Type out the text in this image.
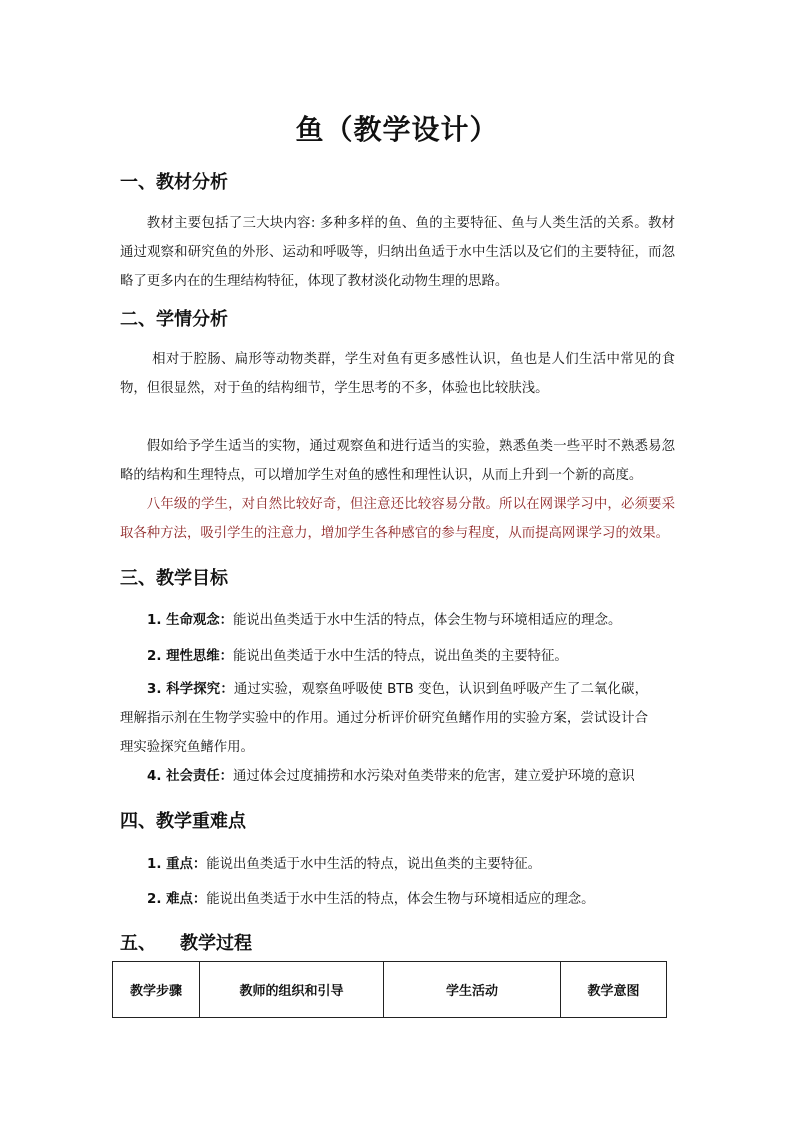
鱼（教学设计）
一、教材分析
教材主要包括了三大块内容: 多种多样的鱼、鱼的主要特征、鱼与人类生活的关系。教材通过观察和研究鱼的外形、运动和呼吸等，归纳出鱼适于水中生活以及它们的主要特征，而忽略了更多内在的生理结构特征，体现了教材淡化动物生理的思路。
二、学情分析
相对于腔肠、扁形等动物类群，学生对鱼有更多感性认识，鱼也是人们生活中常见的食物，但很显然，对于鱼的结构细节，学生思考的不多，体验也比较肤浅。
假如给予学生适当的实物，通过观察鱼和进行适当的实验，熟悉鱼类一些平时不熟悉易忽略的结构和生理特点，可以增加学生对鱼的感性和理性认识，从而上升到一个新的高度。
八年级的学生，对自然比较好奇，但注意还比较容易分散。所以在网课学习中，必须要采取各种方法，吸引学生的注意力，增加学生各种感官的参与程度，从而提高网课学习的效果。
三、教学目标
1. 生命观念：能说出鱼类适于水中生活的特点，体会生物与环境相适应的理念。
2. 理性思维：能说出鱼类适于水中生活的特点，说出鱼类的主要特征。
3. 科学探究：通过实验，观察鱼呼吸使 BTB 变色，认识到鱼呼吸产生了二氧化碳，理解指示剂在生物学实验中的作用。通过分析评价研究鱼鳍作用的实验方案，尝试设计合理实验探究鱼鳍作用。
4. 社会责任：通过体会过度捕捞和水污染对鱼类带来的危害，建立爱护环境的意识
四、教学重难点
1. 重点：能说出鱼类适于水中生活的特点，说出鱼类的主要特征。
2. 难点：能说出鱼类适于水中生活的特点，体会生物与环境相适应的理念。
五、 教学过程
教学步骤	教师的组织和引导	学生活动	教学意图
